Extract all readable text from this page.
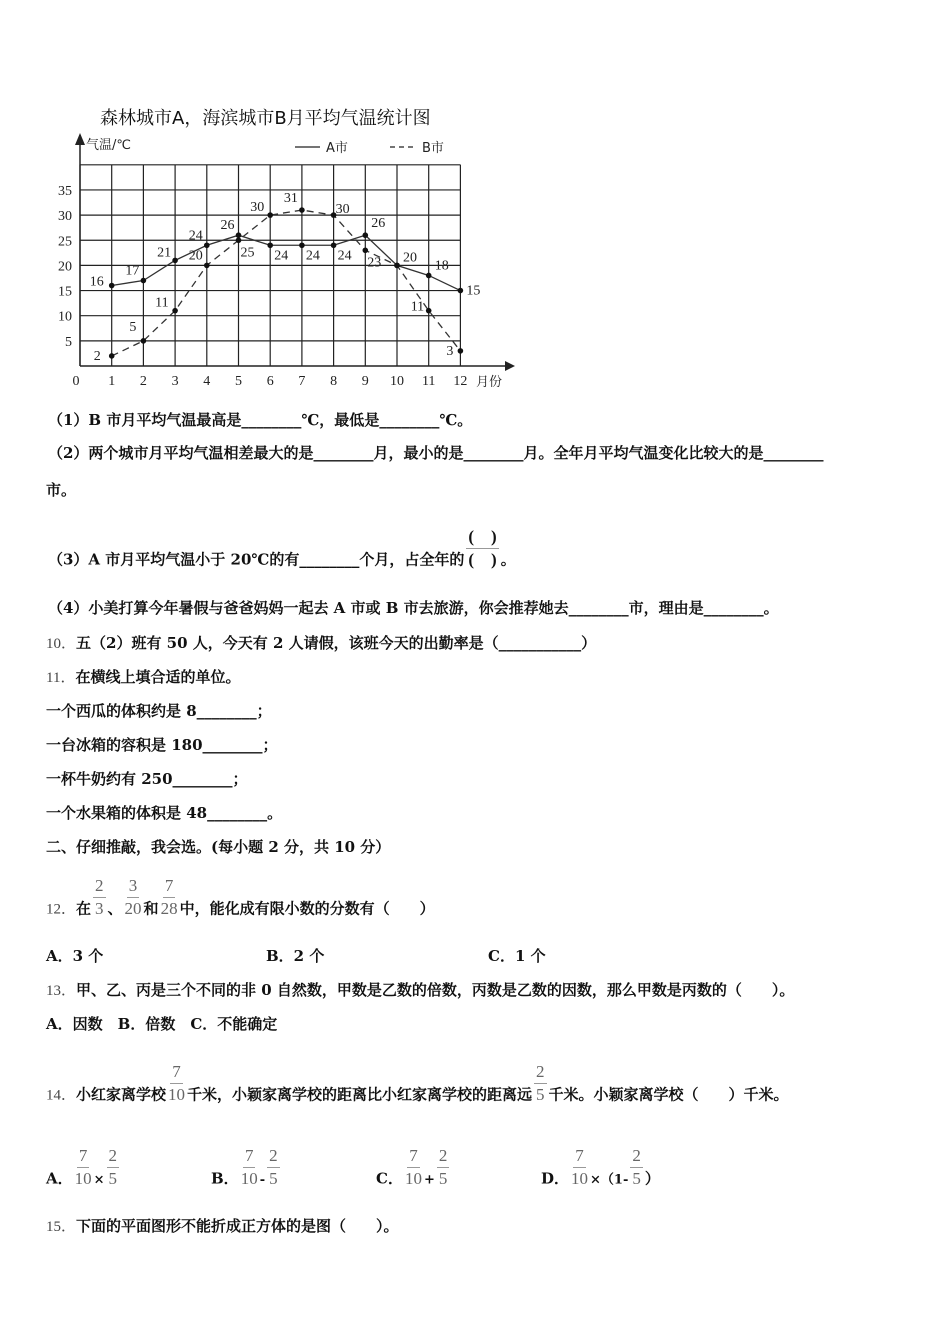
森林城市A，海滨城市B月平均气温统计图
0 1 2 3 4 5 6 7 8 9 10 11 12
5
10
15
20
25
30
35
气温/℃
月份
A市	B市
16
17
21
24
26
24 24 24
26
20
18
15
2
5
11
20	25
30
31
30
23
11
3
（1）B 市月平均气温最高是________℃，最低是________℃。
（2）两个城市月平均气温相差最大的是________月，最小的是________月。全年月平均气温变化比较大的是________
市。
（3）A 市月平均气温小于 20℃的有________个月，占全年的 $\frac{( )}{( )}$ 。
（4）小美打算今年暑假与爸爸妈妈一起去 A 市或 B 市去旅游，你会推荐她去________市，理由是________。
10．五（2）班有 50 人，今天有 2 人请假，该班今天的出勤率是（___________）
11．在横线上填合适的单位。
一个西瓜的体积约是 8________；
一台冰箱的容积是 180________；
一杯牛奶约有 250________；
一个水果箱的体积是 48________。
二、仔细推敲，我会选。(每小题 2 分，共 10 分）
12．在 $\frac{2}{3}$ 、 $\frac{3}{20}$ 和 $\frac{7}{28}$ 中，能化成有限小数的分数有（　　）
A．3 个	B．2 个	C．1 个
13．甲、乙、丙是三个不同的非 0 自然数，甲数是乙数的倍数，丙数是乙数的因数，那么甲数是丙数的（　　）。
A．因数　B．倍数　C．不能确定
14．小红家离学校 $\frac{7}{10}$ 千米，小颖家离学校的距离比小红家离学校的距离远 $\frac{2}{5}$ 千米。小颖家离学校（　　）千米。
A． $\frac{7}{10} \times \frac{2}{5}$	B． $\frac{7}{10} - \frac{2}{5}$	C． $\frac{7}{10} + \frac{2}{5}$	D． $\frac{7}{10} \times(1- \frac{2}{5}$ ）
15．下面的平面图形不能折成正方体的是图（　　）。
